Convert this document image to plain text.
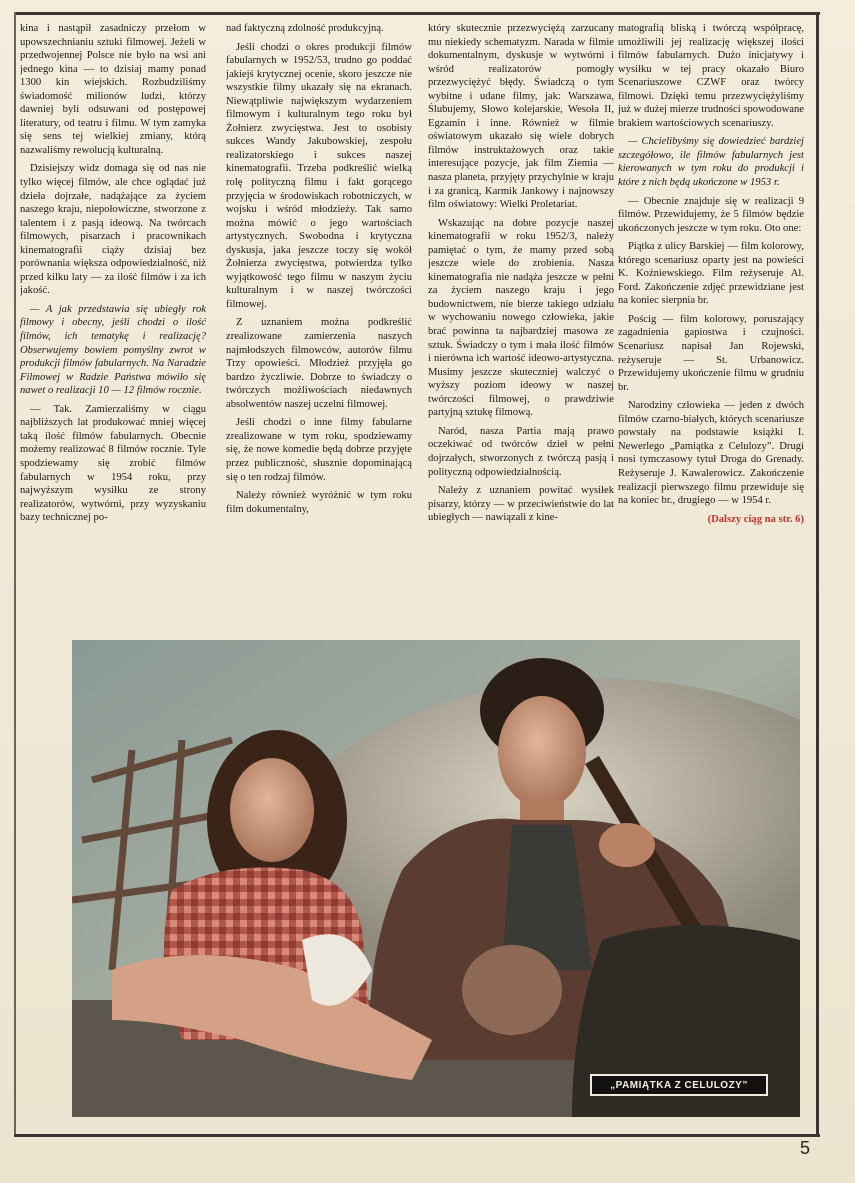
kina i nastąpił zasadniczy przełom w upowszechnianiu sztuki filmowej. Jeżeli w przedwojennej Polsce nie było na wsi ani jednego kina — to dzisiaj mamy ponad 1300 kin wiejskich. Rozbudziliśmy świadomość milionów ludzi, którzy dawniej byli odsuwani od postępowej literatury, od teatru i filmu. W tym zamyka się sens tej wielkiej zmiany, którą nazwaliśmy rewolucją kulturalną.

Dzisiejszy widz domaga się od nas nie tylko więcej filmów, ale chce oglądać już dzieła dojrzałe, nadążające za życiem naszego kraju, niepołowiczne, stworzone z talentem i z pasją ideową. Na twórcach filmowych, pisarzach i pracownikach kinematografii ciąży dzisiaj bez porównania większa odpowiedzialność, niż przed kilku laty — za ilość filmów i za ich jakość.

— A jak przedstawia się ubiegły rok filmowy i obecny, jeśli chodzi o ilość filmów, ich tematykę i realizację? Obserwujemy bowiem pomyślny zwrot w produkcji filmów fabularnych. Na Naradzie Filmowej w Radzie Państwa mówiło się nawet o realizacji 10 — 12 filmów rocznie.

— Tak. Zamierzaliśmy w ciągu najbliższych lat produkować mniej więcej taką ilość filmów fabularnych. Obecnie możemy realizować 8 filmów rocznie. Tyle spodziewamy się zrobić filmów fabularnych w 1954 roku, przy najwyższym wysiłku ze strony realizatorów, wytwórni, przy wyzyskaniu bazy technicznej po-

nad faktyczną zdolność produkcyjną.

Jeśli chodzi o okres produkcji filmów fabularnych w 1952/53, trudno go poddać jakiejś krytycznej ocenie, skoro jeszcze nie wszystkie filmy ukazały się na ekranach. Niewątpliwie największym wydarzeniem filmowym i kulturalnym tego roku był Żołnierz zwycięstwa. Jest to osobisty sukces Wandy Jakubowskiej, zespołu realizatorskiego i sukces naszej kinematografii. Trzeba podkreślić wielką rolę polityczną filmu i fakt gorącego przyjęcia w środowiskach robotniczych, w wojsku i wśród młodzieży. Tak samo można mówić o jego wartościach artystycznych. Swobodna i krytyczna dyskusja, jaka jeszcze toczy się wokół Żołnierza zwycięstwa, potwierdza tylko wyjątkowość tego filmu w naszym życiu kulturalnym i w naszej twórczości filmowej.

Z uznaniem można podkreślić zrealizowane zamierzenia naszych najmłodszych filmowców, autorów filmu Trzy opowieści. Młodzież przyjęła go bardzo życzliwie. Dobrze to świadczy o twórczych możliwościach niedawnych absolwentów naszej uczelni filmowej.

Jeśli chodzi o inne filmy fabularne zrealizowane w tym roku, spodziewamy się, że nowe komedie będą dobrze przyjęte przez publiczność, słusznie dopominającą się o ten rodzaj filmów.

Należy również wyróżnić w tym roku film dokumentalny,

który skutecznie przezwyciężą zarzucany mu niekiedy schematyzm. Narada w filmie dokumentalnym, dyskusje w wytwórni i wśród realizatorów pomogły przezwyciężyć błędy. Świadczą o tym wybitne i udane filmy, jak: Warszawa, Ślubujemy, Słowo kolejarskie, Wesoła II, Egzamin i inne. Również w filmie oświatowym ukazało się wiele dobrych filmów instruktażowych oraz takie interesujące pozycje, jak film Ziemia — nasza planeta, przyjęty przychylnie w kraju i za granicą, Karmik Jankowy i najnowszy film oświatowy: Wielki Proletariat.

Wskazując na dobre pozycje naszej kinematografii w roku 1952/3, należy pamiętać o tym, że mamy przed sobą jeszcze wiele do zrobienia. Nasza kinematografia nie nadąża jeszcze w pełni za życiem naszego kraju i jego budownictwem, nie bierze takiego udziału w wychowaniu nowego człowieka, jakie brać powinna ta najbardziej masowa ze sztuk. Świadczy o tym i mała ilość filmów i nierówna ich wartość ideowo-artystyczna. Musimy jeszcze skuteczniej walczyć o wyższy poziom ideowy w naszej twórczości filmowej, o prawdziwie partyjną sztukę filmową.

Naród, nasza Partia mają prawo oczekiwać od twórców dzieł w pełni dojrzałych, stworzonych z twórczą pasją i polityczną odpowiedzialnością.

Należy z uznaniem powitać wysiłek pisarzy, którzy — w przeciwieństwie do lat ubiegłych — nawiązali z kine-

matografią bliską i twórczą współpracę, umożliwili jej realizację większej ilości filmów fabularnych. Dużo inicjatywy i wysiłku w tej pracy okazało Biuro Scenariuszowe CZWF oraz twórcy filmowi. Dzięki temu przezwyciężyliśmy już w dużej mierze trudności spowodowane brakiem wartościowych scenariuszy.

— Chcielibyśmy się dowiedzieć bardziej szczegółowo, ile filmów fabularnych jest kierowanych w tym roku do produkcji i które z nich będą ukończone w 1953 r.

— Obecnie znajduje się w realizacji 9 filmów. Przewidujemy, że 5 filmów będzie ukończonych jeszcze w tym roku. Oto one:

Piątka z ulicy Barskiej — film kolorowy, którego scenariusz oparty jest na powieści K. Koźniewskiego. Film reżyseruje Al. Ford. Zakończenie zdjęć przewidziane jest na koniec sierpnia br.

Pościg — film kolorowy, poruszający zagadnienia gapiostwa i czujności. Scenariusz napisał Jan Rojewski, reżyseruje — St. Urbanowicz. Przewidujemy ukończenie filmu w grudniu br.

Narodziny człowieka — jeden z dwóch filmów czarno-białych, których scenariusze powstały na podstawie książki I. Newerlego „Pamiątka z Celulozy”. Drugi nosi tymczasowy tytuł Droga do Grenady. Reżyseruje J. Kawalerowicz. Zakończenie realizacji pierwszego filmu przewiduje się na koniec br., drugiego — w 1954 r.

(Dalszy ciąg na str. 6)
„PAMIĄTKA Z CELULOZY”
5
